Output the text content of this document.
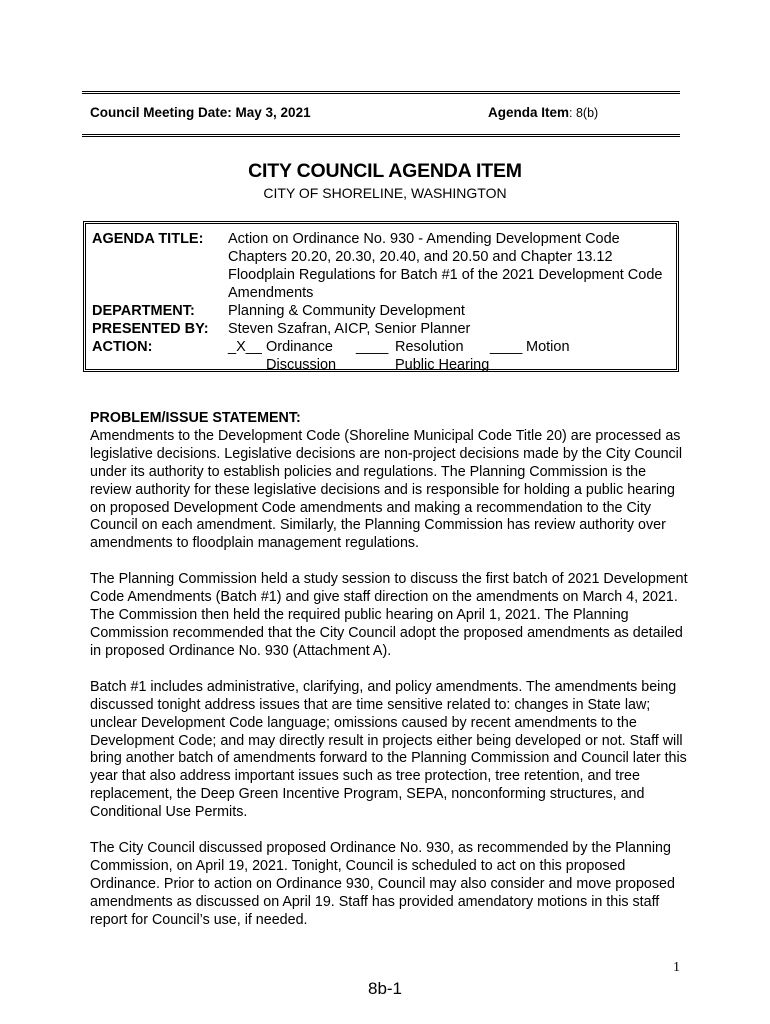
Council Meeting Date: May 3, 2021	Agenda Item: 8(b)
CITY COUNCIL AGENDA ITEM
CITY OF SHORELINE, WASHINGTON
AGENDA TITLE: Action on Ordinance No. 930 - Amending Development Code
Chapters 20.20, 20.30, 20.40, and 20.50 and Chapter 13.12
Floodplain Regulations for Batch #1 of the 2021 Development Code
Amendments
DEPARTMENT: Planning & Community Development
PRESENTED BY: Steven Szafran, AICP, Senior Planner
ACTION:	_X__ Ordinance ____ Resolution ____ Motion
____ Discussion ____ Public Hearing
PROBLEM/ISSUE STATEMENT:

Amendments to the Development Code (Shoreline Municipal Code Title 20) are processed as legislative decisions. Legislative decisions are non-project decisions made by the City Council under its authority to establish policies and regulations. The Planning Commission is the review authority for these legislative decisions and is responsible for holding a public hearing on proposed Development Code amendments and making a recommendation to the City Council on each amendment. Similarly, the Planning Commission has review authority over amendments to floodplain management regulations.

The Planning Commission held a study session to discuss the first batch of 2021 Development Code Amendments (Batch #1) and give staff direction on the amendments on March 4, 2021. The Commission then held the required public hearing on April 1, 2021. The Planning Commission recommended that the City Council adopt the proposed amendments as detailed in proposed Ordinance No. 930 (Attachment A).

Batch #1 includes administrative, clarifying, and policy amendments. The amendments being discussed tonight address issues that are time sensitive related to: changes in State law; unclear Development Code language; omissions caused by recent amendments to the Development Code; and may directly result in projects either being developed or not. Staff will bring another batch of amendments forward to the Planning Commission and Council later this year that also address important issues such as tree protection, tree retention, and tree replacement, the Deep Green Incentive Program, SEPA, nonconforming structures, and Conditional Use Permits.

The City Council discussed proposed Ordinance No. 930, as recommended by the Planning Commission, on April 19, 2021. Tonight, Council is scheduled to act on this proposed Ordinance. Prior to action on Ordinance 930, Council may also consider and move proposed amendments as discussed on April 19. Staff has provided amendatory motions in this staff report for Council’s use, if needed.

1
8b-1
